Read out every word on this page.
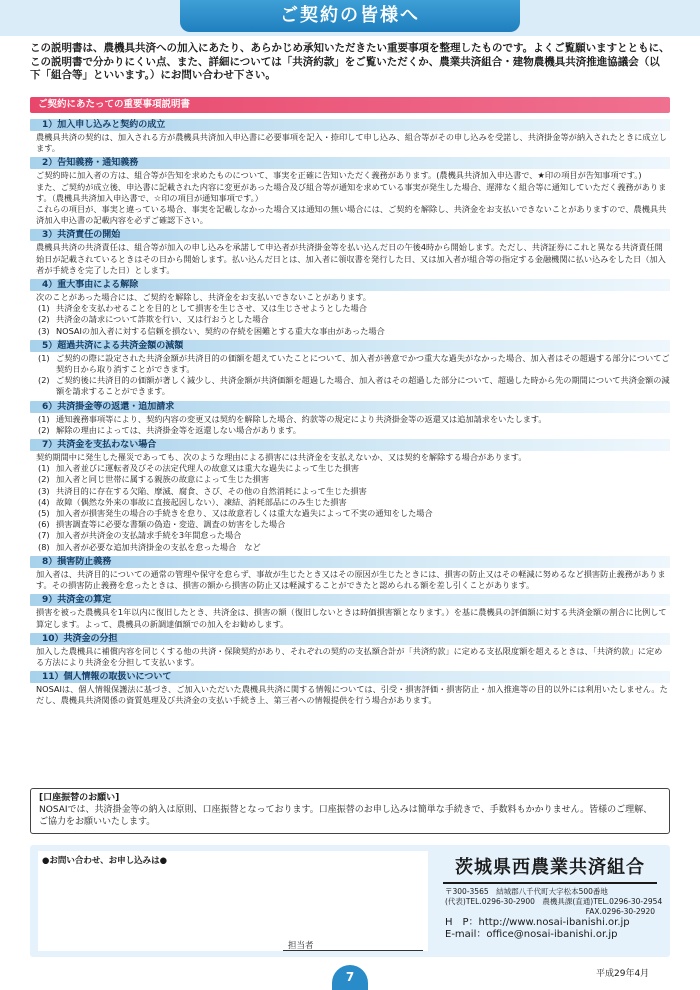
ご契約の皆様へ
この説明書は、農機具共済への加入にあたり、あらかじめ承知いただきたい重要事項を整理したものです。よくご覧願いますとともに、この説明書で分かりにくい点、また、詳細については「共済約款」をご覧いただくか、農業共済組合・建物農機具共済推進協議会（以下「組合等」といいます。）にお問い合わせ下さい。
ご契約にあたっての重要事項説明書
1）加入申し込みと契約の成立
農機具共済の契約は、加入される方が農機具共済加入申込書に必要事項を記入・捺印して申し込み、組合等がその申し込みを受諾し、共済掛金等が納入されたときに成立します。
2）告知義務・通知義務
ご契約時に加入者の方は、組合等が告知を求めたものについて、事実を正確に告知いただく義務があります。(農機具共済加入申込書で、★印の項目が告知事項です。)
また、ご契約が成立後、申込書に記載された内容に変更があった場合及び組合等が通知を求めている事実が発生した場合、遅滞なく組合等に通知していただく義務があります。（農機具共済加入申込書で、☆印の項目が通知事項です。）
これらの項目が、事実と違っている場合、事実を記載しなかった場合又は通知の無い場合には、ご契約を解除し、共済金をお支払いできないことがありますので、農機具共済加入申込書の記載内容を必ずご確認下さい。
3）共済責任の開始
農機具共済の共済責任は、組合等が加入の申し込みを承諾して申込者が共済掛金等を払い込んだ日の午後4時から開始します。ただし、共済証券にこれと異なる共済責任開始日が記載されているときはその日から開始します。払い込んだ日とは、加入者に領収書を発行した日、又は加入者が組合等の指定する金融機関に払い込みをした日（加入者が手続きを完了した日）とします。
4）重大事由による解除
次のことがあった場合には、ご契約を解除し、共済金をお支払いできないことがあります。
(1) 共済金を支払わせることを目的として損害を生じさせ、又は生じさせようとした場合
(2) 共済金の請求について詐欺を行い、又は行おうとした場合
(3) NOSAIの加入者に対する信頼を損ない、契約の存続を困難とする重大な事由があった場合
5）超過共済による共済金額の減額
(1) ご契約の際に設定された共済金額が共済目的の価額を超えていたことについて、加入者が善意でかつ重大な過失がなかった場合、加入者はその超過する部分についてご契約日から取り消すことができます。
(2) ご契約後に共済目的の価額が著しく減少し、共済金額が共済価額を超過した場合、加入者はその超過した部分について、超過した時から先の期間について共済金額の減額を請求することができます。
6）共済掛金等の返還・追加請求
(1) 通知義務事項等により、契約内容の変更又は契約を解除した場合、約款等の規定により共済掛金等の返還又は追加請求をいたします。
(2) 解除の理由によっては、共済掛金等を返還しない場合があります。
7）共済金を支払わない場合
契約期間中に発生した罹災であっても、次のような理由による損害には共済金を支払えないか、又は契約を解除する場合があります。
(1) 加入者並びに運転者及びその法定代理人の故意又は重大な過失によって生じた損害
(2) 加入者と同じ世帯に属する親族の故意によって生じた損害
(3) 共済目的に存在する欠陥、摩滅、腐食、さび、その他の自然消耗によって生じた損害
(4) 故障（偶然な外来の事故に直接起因しない）、凍結、消耗部品にのみ生じた損害
(5) 加入者が損害発生の場合の手続きを怠り、又は故意若しくは重大な過失によって不実の通知をした場合
(6) 損害調査等に必要な書類の偽造・変造、調査の妨害をした場合
(7) 加入者が共済金の支払請求手続を3年間怠った場合
(8) 加入者が必要な追加共済掛金の支払を怠った場合　など
8）損害防止義務
加入者は、共済目的についての通常の管理や保守を怠らず、事故が生じたとき又はその原因が生じたときには、損害の防止又はその軽減に努めるなど損害防止義務があります。その損害防止義務を怠ったときは、損害の額から損害の防止又は軽減することができたと認められる額を差し引くことがあります。
9）共済金の算定
損害を被った農機具を1年以内に復旧したとき、共済金は、損害の額（復旧しないときは時価損害額となります。）を基に農機具の評価額に対する共済金額の割合に比例して算定します。よって、農機具の新調達価額での加入をお勧めします。
10）共済金の分担
加入した農機具に補償内容を同じくする他の共済・保険契約があり、それぞれの契約の支払額合計が「共済約款」に定める支払限度額を超えるときは、「共済約款」に定める方法により共済金を分担して支払います。
11）個人情報の取扱いについて
NOSAIは、個人情報保護法に基づき、ご加入いただいた農機具共済に関する情報については、引受・損害評価・損害防止・加入推進等の目的以外には利用いたしません。ただし、農機具共済関係の資質処理及び共済金の支払い手続き上、第三者への情報提供を行う場合があります。
[口座振替のお願い]
NOSAIでは、共済掛金等の納入は原則、口座振替となっております。口座振替のお申し込みは簡単な手続きで、手数料もかかりません。皆様のご理解、ご協力をお願いいたします。
●お問い合わせ、お申し込みは●
担当者
茨城県西農業共済組合
〒300-3565　結城郡八千代町大字松本500番地
(代表)TEL.0296-30-2900　農機具課(直通)TEL.0296-30-2954
FAX.0296-30-2920
H　P：http://www.nosai-ibanishi.or.jp
E-mail：office@nosai-ibanishi.or.jp
7	平成29年4月
